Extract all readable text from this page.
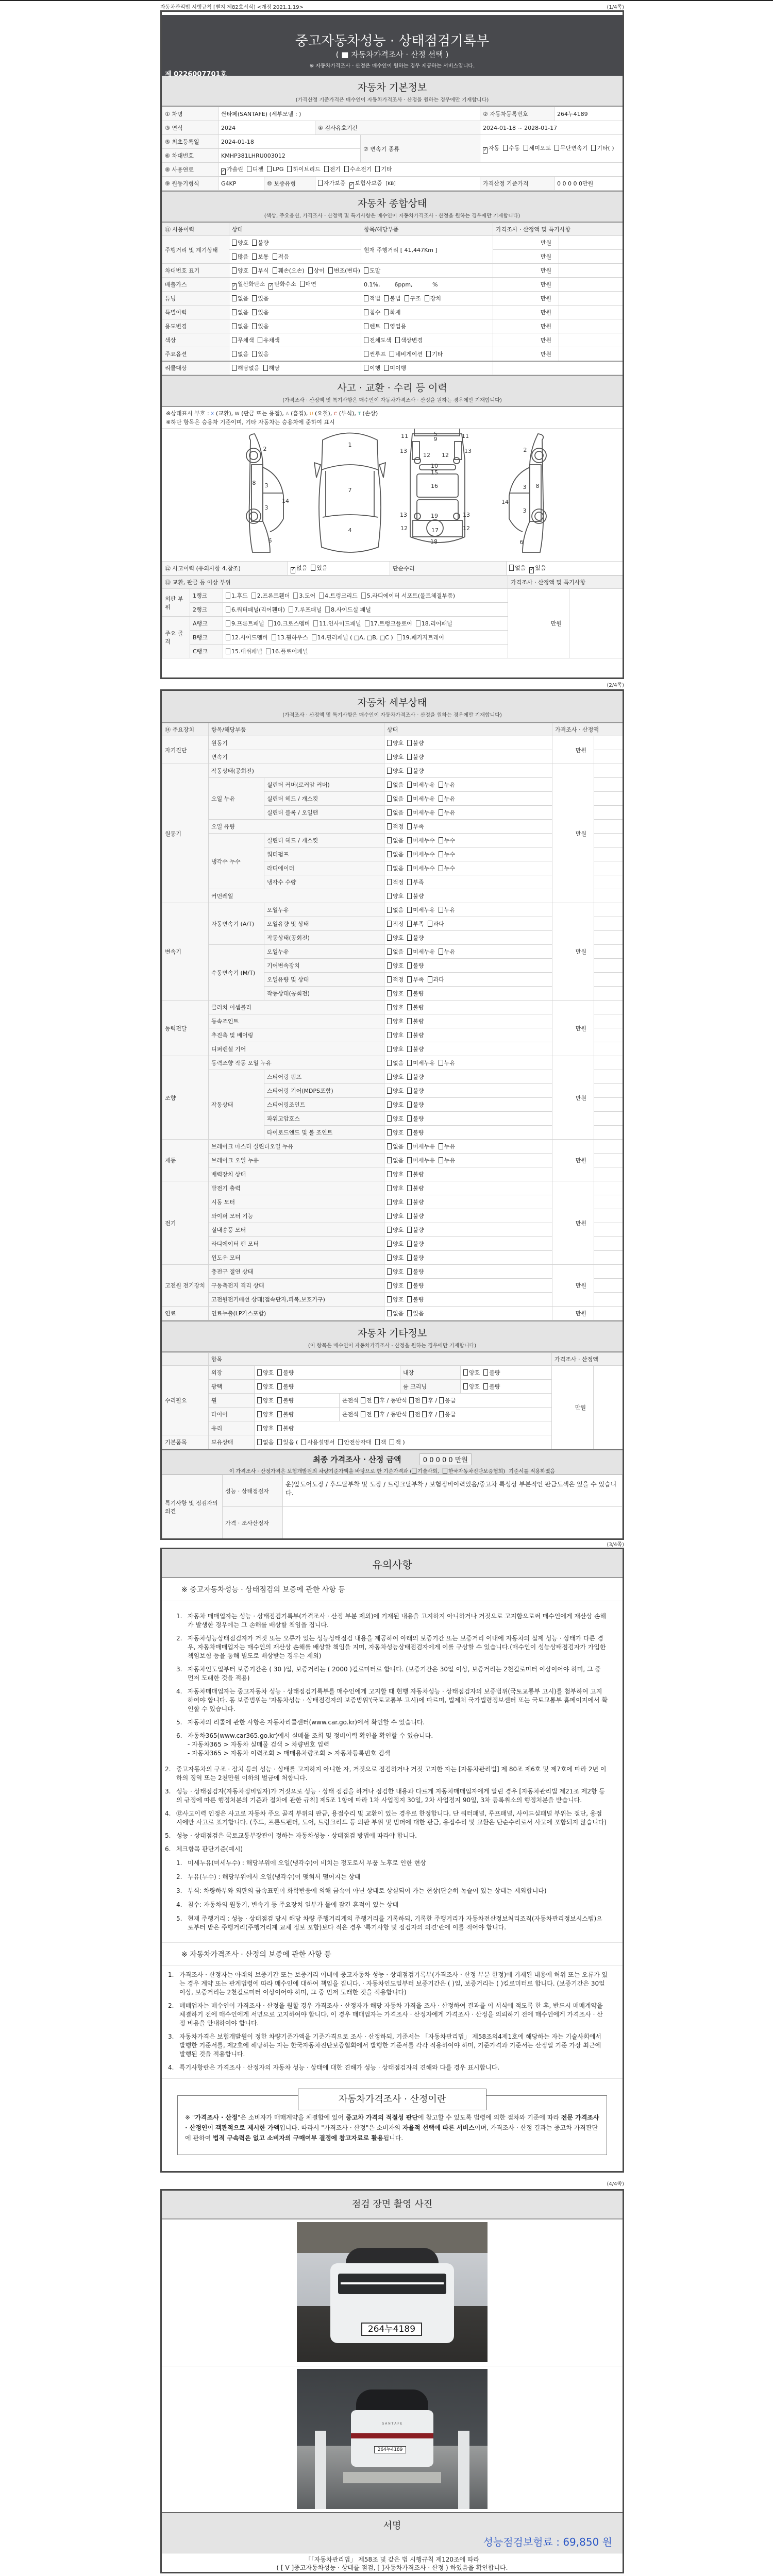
자동차관리법 시행규칙 [별지 제82호서식] <개정 2021.1.19>	(1/4쪽)
중고자동차성능 · 상태점검기록부
( ■ 자동차가격조사 · 산정 선택 )
※ 자동차가격조사 · 산정은 매수인이 원하는 경우 제공하는 서비스입니다.
제 0226007701호
자동차 기본정보
(가격산정 기준가격은 매수인이 자동차가격조사 · 산정을 원하는 경우에만 기재합니다)
① 차명	싼타페(SANTAFE) (세부모델 : )				② 자동차등록번호	264누4189
③ 연식	2024		④ 검사유효기간		2024-01-18 ~ 2028-01-17	
⑤ 최초등록일	2024-01-18			⑦ 변속기 종류	✓ 자동 수동 세미오토 무단변속기 기타( )	
⑥ 차대번호	KMHP381LHRU003012					
⑧ 사용연료	✓ 가솔린 디젤 LPG 하이브리드 전기 수소전기 기타					
⑨ 원동기형식	G4KP	⑩ 보증유형	자가보증 ✓ 보험사보증 [KB]		가격산정 기준가격	0 0 0 0 0만원
자동차 종합상태
(색상, 주요옵션, 가격조사 · 산정액 및 특기사항은 매수인이 자동차가격조사 · 산정을 원하는 경우에만 기재합니다)
⑪ 사용이력	상태	항목/해당부품	가격조사 · 산정액 및 특기사항	
주행거리 및 계기상태	양호 불량	현재 주행거리 [ 41,447Km ]	만원	
	많음 보통 적음		만원	
차대번호 표기	양호 부식 훼손(오손) 상이 변조(변타) 도말		만원	
배출가스	✓ 일산화탄소 ✓ 탄화수소 매연	0.1%,        6ppm,           %	만원	
튜닝	없음 있음	적법 불법 구조 장치	만원	
특별이력	없음 있음	침수 화재	만원	
용도변경	없음 있음	렌트 영업용	만원	
색상	무채색 유채색	전체도색 색상변경	만원	
주요옵션	없음 있음	썬루프 네비게이션 기타	만원	
리콜대상	해당없음 해당	이행 미이행		
사고 · 교환 · 수리 등 이력
(가격조사 · 산정액 및 특기사항은 매수인이 자동차가격조사 · 산정을 원하는 경우에만 기재합니다)
※상태표시 부호 : X (교환), W (판금 또는 용접), A (흠집), U (요철), C (부식), T (손상)
※하단 항목은 승용차 기준이며, 기타 자동차는 승용차에 준하여 표시
2
8 3
3
14
6
1
7
4
5
9
11	11
13	13
12 12
10
15
16
19
13	13
12	12
17
18
2
3 8
14
3
6
⑫ 사고이력 (유의사항 4.참조)	✓ 없음 있음	단순수리	없음 ✓ 있음
⑬ 교환, 판금 등 이상 부위			가격조사 · 산정액 및 특기사항	
외판 부위	1랭크	1.후드 2.프론트휀더 3.도어 4.트렁크리드 5.라디에이터 서포트(볼트체결부품)	만원	
	2랭크	6.쿼터패널(리어휀더) 7.루프패널 8.사이드실 패널		
주요 골격	A랭크	9.프론트패널 10.크로스멤버 11.인사이드패널 17.트렁크플로어 18.리어패널		
	B랭크	12.사이드멤버 13.휠하우스 14.필러패널 ( □A, □B, □C ) 19.패키지트레이		
	C랭크	15.대쉬패널 16.플로어패널		
(2/4쪽)
자동차 세부상태
(가격조사 · 산정액 및 특기사항은 매수인이 자동차가격조사 · 산정을 원하는 경우에만 기재합니다)
⑭ 주요장치	항목/해당부품		상태	가격조사 · 산정액	
자기진단	원동기		양호 불량	만원	
	변속기		양호 불량		
원동기	작동상태(공회전)		양호 불량	만원	
	오일 누유	실린더 커버(로커암 커버)	없음 미세누유 누유		
		실린더 헤드 / 개스킷	없음 미세누유 누유		
		실린더 블록 / 오일팬	없음 미세누유 누유		
	오일 유량		적정 부족		
	냉각수 누수	실린더 헤드 / 개스킷	없음 미세누수 누수		
		워터펌프	없음 미세누수 누수		
		라디에이터	없음 미세누수 누수		
		냉각수 수량	적정 부족		
	커먼레일		양호 불량		
변속기	자동변속기 (A/T)	오일누유	없음 미세누유 누유	만원	
		오일유량 및 상태	적정 부족 과다		
		작동상태(공회전)	양호 불량		
	수동변속기 (M/T)	오일누유	없음 미세누유 누유		
		기어변속장치	양호 불량		
		오일유량 및 상태	적정 부족 과다		
		작동상태(공회전)	양호 불량		
동력전달	클러치 어셈블리		양호 불량	만원	
	등속조인트		양호 불량		
	추진축 및 베어링		양호 불량		
	디퍼렌셜 기어		양호 불량		
조향	동력조향 작동 오일 누유		없음 미세누유 누유	만원	
	작동상태	스티어링 펌프	양호 불량		
		스티어링 기어(MDPS포함)	양호 불량		
		스티어링조인트	양호 불량		
		파워고압호스	양호 불량		
		타이로드엔드 및 볼 조인트	양호 불량		
제동	브레이크 마스터 실린더오일 누유		없음 미세누유 누유	만원	
	브레이크 오일 누유		없음 미세누유 누유		
	배력장치 상태		양호 불량		
전기	발전기 출력		양호 불량	만원	
	시동 모터		양호 불량		
	와이퍼 모터 기능		양호 불량		
	실내송풍 모터		양호 불량		
	라디에이터 팬 모터		양호 불량		
	윈도우 모터		양호 불량		
고전원 전기장치	충전구 절연 상태		양호 불량	만원	
	구동축전지 격리 상태		양호 불량		
	고전원전기배선 상태(접속단자,피복,보호기구)		양호 불량		
연료	연료누출(LP가스포함)		없음 있음	만원	
자동차 기타정보
(이 항목은 매수인이 자동차가격조사 · 산정을 원하는 경우에만 기재합니다)
	항목					가격조사 · 산정액	
수리필요	외장	양호 불량		내장	양호 불량	만원	
	광택	양호 불량		룸 크리닝	양호 불량		
	휠	양호 불량	운전석 전 후 / 동반석 전 후 / 응급				
	타이어	양호 불량	운전석 전 후 / 동반석 전 후 / 응급				
	유리	양호 불량					
기본품목	보유상태	없음 있음 ( 사용설명서 안전삼각대 잭 잭 )					
최종 가격조사 · 산정 금액	0 0 0 0 0 만원
이 가격조사 · 산정가격은 보험개발원의 차량기준가액을 바탕으로 한 기준가격과 ( 기술사회, 한국자동차진단보증협회) 기준서를 적용하였음
특기사항 및 점검자의 의견	성능 · 상태점검자	운)앞도어도장 / 후드탈부착 및 도장 / 트렁크탈부착 / 보험정비이력있음/중고차 특성상 부분적인 판금도색은 있을 수 있습니다.
	가격 · 조사산정자	
(3/4쪽)
유의사항
※ 중고자동차성능 · 상태점검의 보증에 관한 사항 등
1. 자동차 매매업자는 성능 · 상태점검기록부(가격조사 · 산정 부분 제외)에 기재된 내용을 고지하지 아니하거나 거짓으로 고지함으로써 매수인에게 재산상 손해가 발생한 경우에는 그 손해를 배상할 책임을 집니다.
2. 자동차성능상태점검자가 거짓 또는 오류가 있는 성능상태점검 내용을 제공하여 아래의 보증기간 또는 보증거리 이내에 자동차의 실제 성능 · 상태가 다른 경우, 자동차매매업자는 매수인의 재산상 손해를 배상할 책임을 지며, 자동차성능상태점검자에게 이를 구상할 수 있습니다.(매수인이 성능상태점검자가 가입한 책임보험 등을 통해 별도로 배상받는 경우는 제외)
3. 자동차인도일부터 보증기간은 ( 30 )일, 보증거리는 ( 2000 )킬로미터로 합니다. (보증기간은 30일 이상, 보증거리는 2천킬로미터 이상이어야 하며, 그 중 먼저 도래한 것을 적용)
4. 자동차매매업자는 중고자동차 성능 · 상태점검기록부를 매수인에게 고지할 때 현행 자동차성능 · 상태점검자의 보증범위(국토교통부 고시)를 첨부하여 고지하여야 합니다. 동 보증범위는 '자동차성능 · 상태점검자의 보증범위'(국토교통부 고시)에 따르며, 법제처 국가법령정보센터 또는 국토교통부 홈페이지에서 확인할 수 있습니다.
5. 자동차의 리콜에 관한 사항은 자동차리콜센터(www.car.go.kr)에서 확인할 수 있습니다.
6. 자동차365(www.car365.go.kr)에서 실매물 조회 및 정비이력 확인을 확인할 수 있습니다.
- 자동차365 > 자동차 실매물 검색 > 차량번호 입력
- 자동차365 > 자동차 이력조회 > 매매용차량조회 > 자동차등록번호 검색
2. 중고자동차의 구조 · 장치 등의 성능 · 상태를 고지하지 아니한 자, 거짓으로 점검하거나 거짓 고지한 자는 [자동차관리법] 제 80조 제6호 및 제7호에 따라 2년 이하의 징역 또는 2천만원 이하의 벌금에 처합니다.
3. 성능 · 상태점검자(자동차정비업자)가 거짓으로 성능 · 상태 점검을 하거나 점검한 내용과 다르게 자동차매매업자에게 알린 경우 [자동차관리법 제21조 제2항 등의 규정에 따른 행정처분의 기준과 절차에 관한 규칙] 제5조 1항에 따라 1차 사업정지 30일, 2차 사업정지 90일, 3차 등록취소의 행정처분을 받습니다.
4. ⑫사고이력 인정은 사고로 자동차 주요 골격 부위의 판금, 용접수리 및 교환이 있는 경우로 한정합니다. 단 쿼터패널, 루프패널, 사이드실패널 부위는 절단, 용접 시에만 사고로 표기합니다. (후드, 프론트펜더, 도어, 트렁크리드 등 외판 부위 및 범퍼에 대한 판금, 용접수리 및 교환은 단순수리로서 사고에 포함되지 않습니다)
5. 성능 · 상태점검은 국토교통부장관이 정하는 자동차성능 · 상태점검 방법에 따라야 합니다.
6. 체크항목 판단기준(예시)
1. 미세누유(미세누수) : 해당부위에 오일(냉각수)이 비치는 정도로서 부품 노후로 인한 현상
2. 누유(누수) : 해당부위에서 오일(냉각수)이 맺혀서 떨어지는 상태
3. 부식: 차량하부와 외판의 금속표면이 화학반응에 의해 금속이 아닌 상태로 상실되어 가는 현상(단순히 녹슬어 있는 상태는 제외합니다)
4. 침수: 자동차의 원동기, 변속기 등 주요장치 일부가 물에 잠긴 흔적이 있는 상태
5. 현재 주행거리 : 성능 · 상태점검 당시 해당 차량 주행거리계의 주행거리를 기록하되, 기록한 주행거리가 자동차전산정보처리조직(자동차관리정보시스템)으로부터 받은 주행거리(주행거리계 교체 정보 포함)보다 적은 경우 '특기사항 및 점검자의 의견'란에 이를 적어야 합니다.
※ 자동차가격조사 · 산정의 보증에 관한 사항 등
1. 가격조사 · 산정자는 아래의 보증기간 또는 보증거리 이내에 중고자동차 성능 · 상태점검기록부(가격조사 · 산정 부분 한정)에 기재된 내용에 허위 또는 오류가 있는 경우 계약 또는 관계법령에 따라 매수인에 대하여 책임을 집니다. · 자동차인도일부터 보증기간은 ( )일, 보증거리는 ( )킬로미터로 합니다. (보증기간은 30일 이상, 보증거리는 2천킬로미터 이상이어야 하며, 그 중 먼저 도래한 것을 적용합니다)
2. 매매업자는 매수인이 가격조사 · 산정을 원할 경우 가격조사 · 산정자가 해당 자동차 가격을 조사 · 산정하여 결과를 이 서식에 적도록 한 후, 반드시 매매계약을 체결하기 전에 매수인에게 서면으로 고지하여야 합니다. 이 경우 매매업자는 가격조사 · 산정자에게 가격조사 · 산정을 의뢰하기 전에 매수인에게 가격조사 · 산정 비용을 안내하여야 합니다.
3. 자동차가격은 보험개발원이 정한 차량기준가액을 기준가격으로 조사 · 산정하되, 기준서는 「자동차관리법」 제58조의4제1호에 해당하는 자는 기술사회에서 발행한 기준서를, 제2호에 해당하는 자는 한국자동차진단보증협회에서 발행한 기준서를 각각 적용하여야 하며, 기준가격과 기준서는 산정일 기준 가장 최근에 발행된 것을 적용합니다.
4. 특기사항란은 가격조사 · 산정자의 자동차 성능 · 상태에 대한 견해가 성능 · 상태점검자의 견해와 다를 경우 표시합니다.
자동차가격조사 · 산정이란
※ "가격조사 · 산정"은 소비자가 매매계약을 체결함에 있어 중고차 가격의 적절성 판단에 참고할 수 있도록 법령에 의한 절차와 기준에 따라 전문 가격조사 · 산정인이 객관적으로 제시한 가액입니다. 따라서 "가격조사 · 산정"은 소비자의 자율적 선택에 따른 서비스이며, 가격조사 · 산정 결과는 중고차 가격판단에 관하여 법적 구속력은 없고 소비자의 구매여부 결정에 참고자료로 활용됩니다.
(4/4쪽)
점검 장면 촬영 사진
264누4189
S A N T A F E
264누4189
서명
성능점검보험료 : 69,850 원
「「자동차관리법」 제58조 및 같은 법 시행규칙 제120조에 따라
( [ V ]중고자동차성능 · 상태를 점검, [ ]자동차가격조사 · 산정 ) 하였음을 확인합니다.
